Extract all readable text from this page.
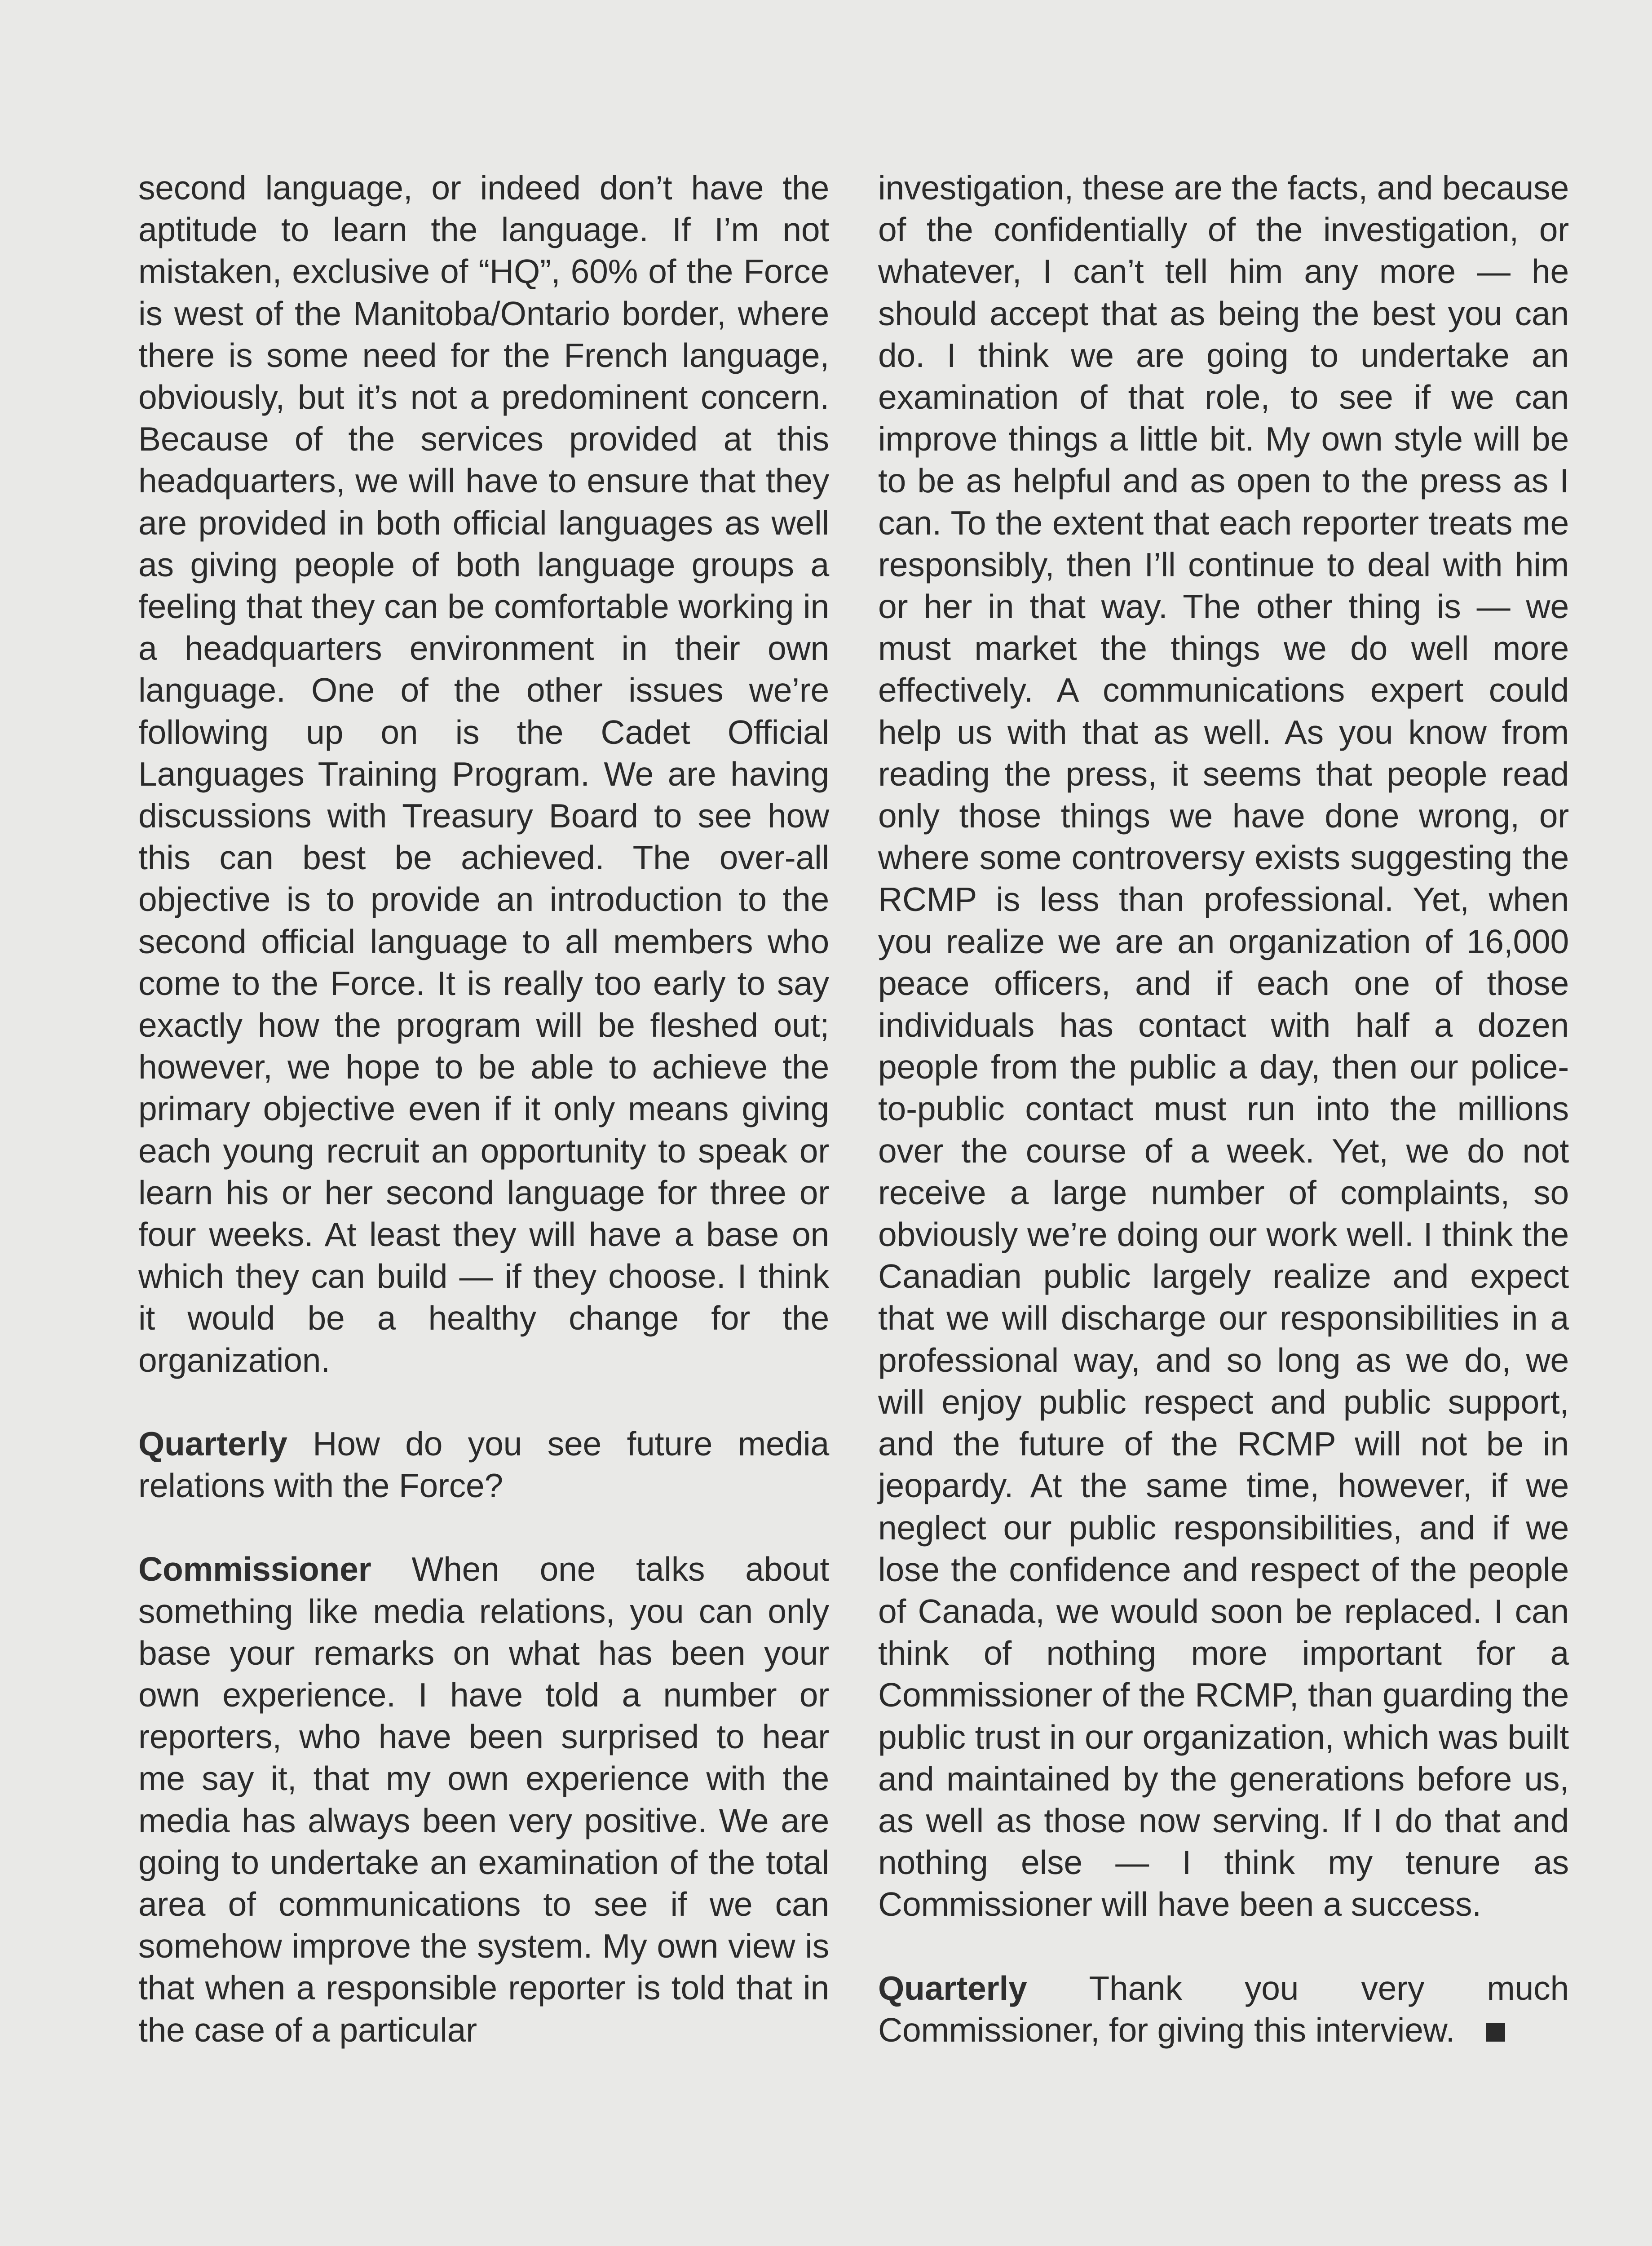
second language, or indeed don’t have the aptitude to learn the language. If I’m not mistaken, exclusive of “HQ”, 60% of the Force is west of the Manitoba/Ontario border, where there is some need for the French language, obviously, but it’s not a predominent concern. Because of the services provided at this headquarters, we will have to ensure that they are provided in both official languages as well as giving people of both language groups a feeling that they can be comfortable working in a headquarters environment in their own language. One of the other issues we’re following up on is the Cadet Official Languages Training Program. We are having discussions with Treasury Board to see how this can best be achieved. The over-all objective is to provide an introduction to the second official language to all members who come to the Force. It is really too early to say exactly how the program will be fleshed out; however, we hope to be able to achieve the primary objective even if it only means giving each young recruit an opportunity to speak or learn his or her second language for three or four weeks. At least they will have a base on which they can build — if they choose. I think it would be a healthy change for the organization.

Quarterly How do you see future media relations with the Force?

Commissioner When one talks about something like media relations, you can only base your remarks on what has been your own experience. I have told a number or reporters, who have been surprised to hear me say it, that my own experience with the media has always been very positive. We are going to undertake an examination of the total area of communications to see if we can somehow improve the system. My own view is that when a responsible reporter is told that in the case of a particular

investigation, these are the facts, and because of the confidentially of the investigation, or whatever, I can’t tell him any more — he should accept that as being the best you can do. I think we are going to undertake an examination of that role, to see if we can improve things a little bit. My own style will be to be as helpful and as open to the press as I can. To the extent that each reporter treats me responsibly, then I’ll continue to deal with him or her in that way. The other thing is — we must market the things we do well more effectively. A communications expert could help us with that as well. As you know from reading the press, it seems that people read only those things we have done wrong, or where some controversy exists suggesting the RCMP is less than professional. Yet, when you realize we are an organization of 16,000 peace officers, and if each one of those individuals has contact with half a dozen people from the public a day, then our police-to-public contact must run into the millions over the course of a week. Yet, we do not receive a large number of complaints, so obviously we’re doing our work well. I think the Canadian public largely realize and expect that we will discharge our responsibilities in a professional way, and so long as we do, we will enjoy public respect and public support, and the future of the RCMP will not be in jeopardy. At the same time, however, if we neglect our public responsibilities, and if we lose the confidence and respect of the people of Canada, we would soon be replaced. I can think of nothing more important for a Commissioner of the RCMP, than guarding the public trust in our organization, which was built and maintained by the generations before us, as well as those now serving. If I do that and nothing else — I think my tenure as Commissioner will have been a success.

Quarterly Thank you very much Commissioner, for giving this interview.
